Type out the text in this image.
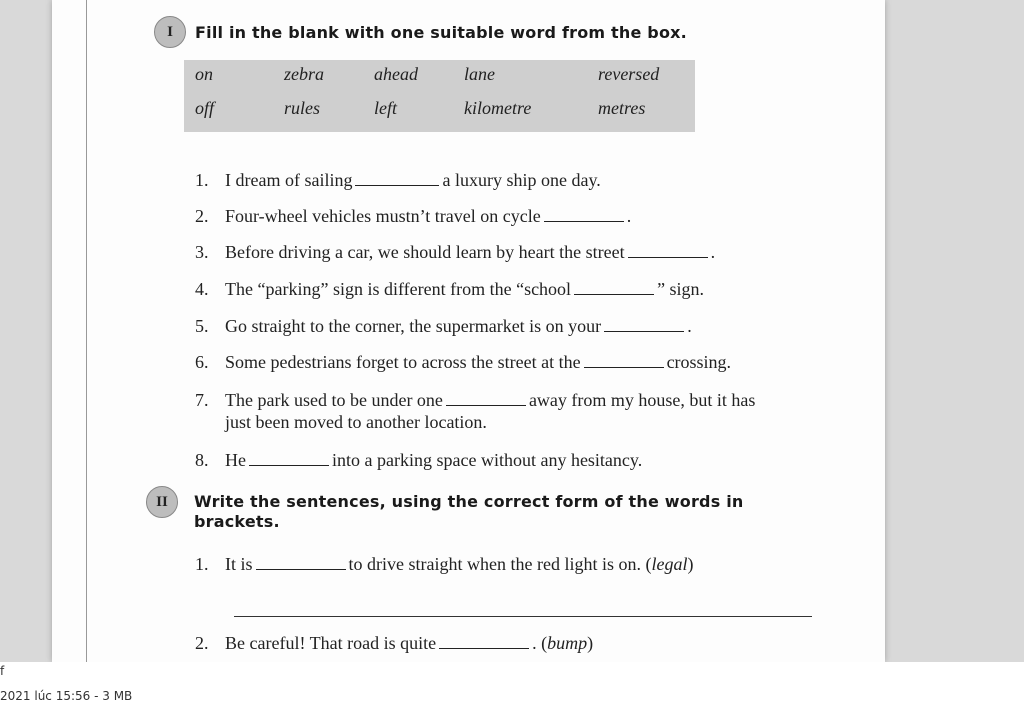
I	Fill in the blank with one suitable word from the box.
on	zebra	ahead	lane	reversed
off	rules	left	kilometre	metres
1. I dream of sailing	a luxury ship one day.
2. Four-wheel vehicles mustn’t travel on cycle	.
3. Before driving a car, we should learn by heart the street	.
4. The “parking” sign is different from the “school	” sign.
5. Go straight to the corner, the supermarket is on your	.
6. Some pedestrians forget to across the street at the	crossing.
7. The park used to be under one	away from my house, but it has
just been moved to another location.
8. He	into a parking space without any hesitancy.
II	Write the sentences, using the correct form of the words in
brackets.
1. It is	to drive straight when the red light is on. (legal)
2. Be careful! That road is quite	. (bump)
f
2021 lúc 15:56 - 3 MB
